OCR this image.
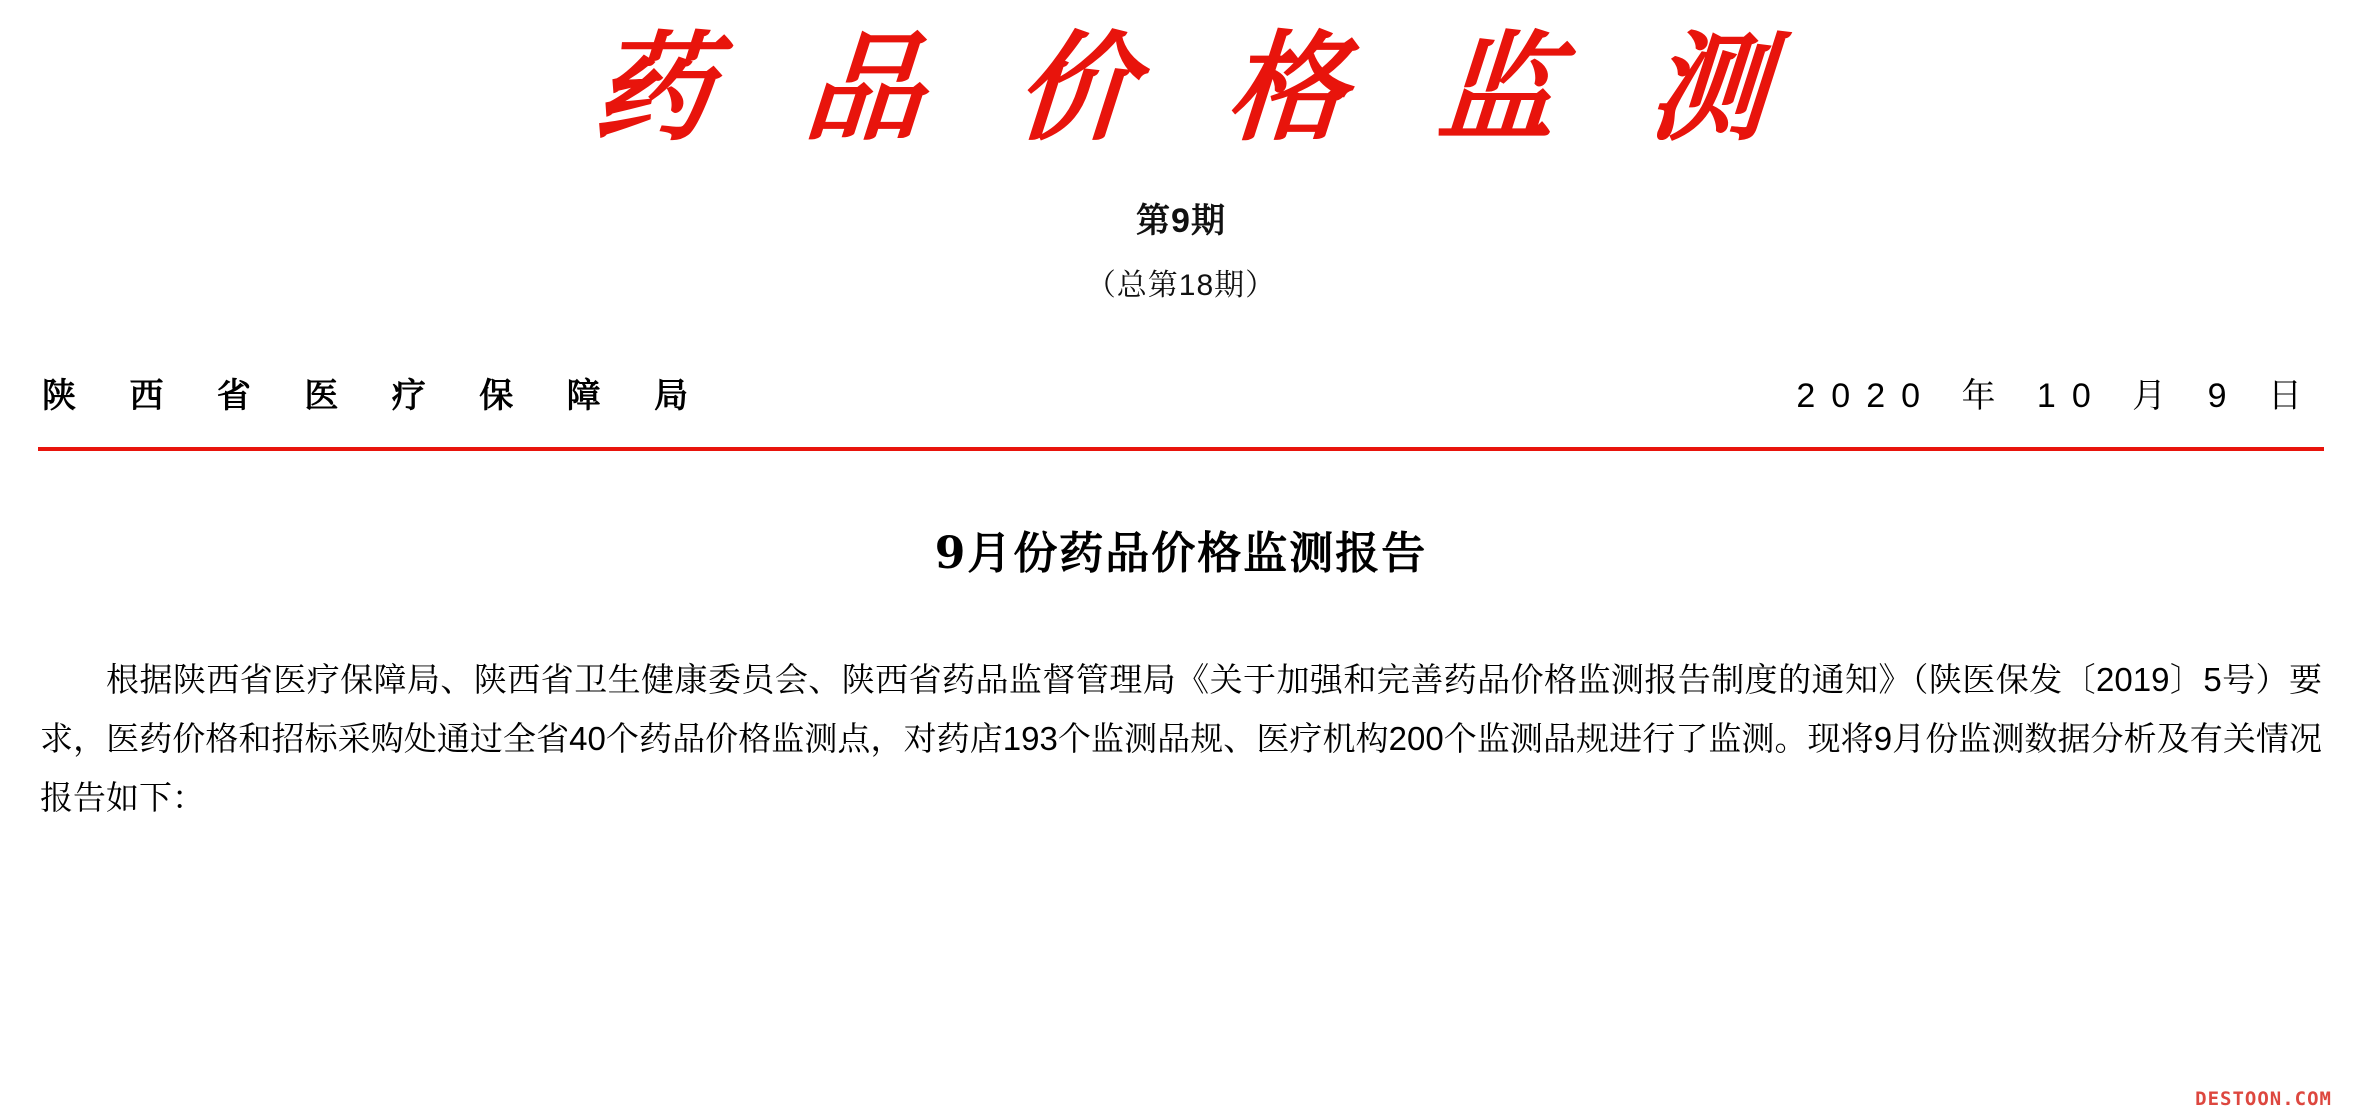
药 品 价 格 监 测
第9期
（总第18期）
陕 西 省 医 疗 保 障 局	2020 年 10 月 9 日
9月份药品价格监测报告

根据陕西省医疗保障局、陕西省卫生健康委员会、陕西省药品监督管理局《关于加强和完善药品价格监测报告制度的通知》（陕医保发〔2019〕5号）要求，医药价格和招标采购处通过全省40个药品价格监测点，对药店193个监测品规、医疗机构200个监测品规进行了监测。现将9月份监测数据分析及有关情况报告如下：

DESTOON.COM
